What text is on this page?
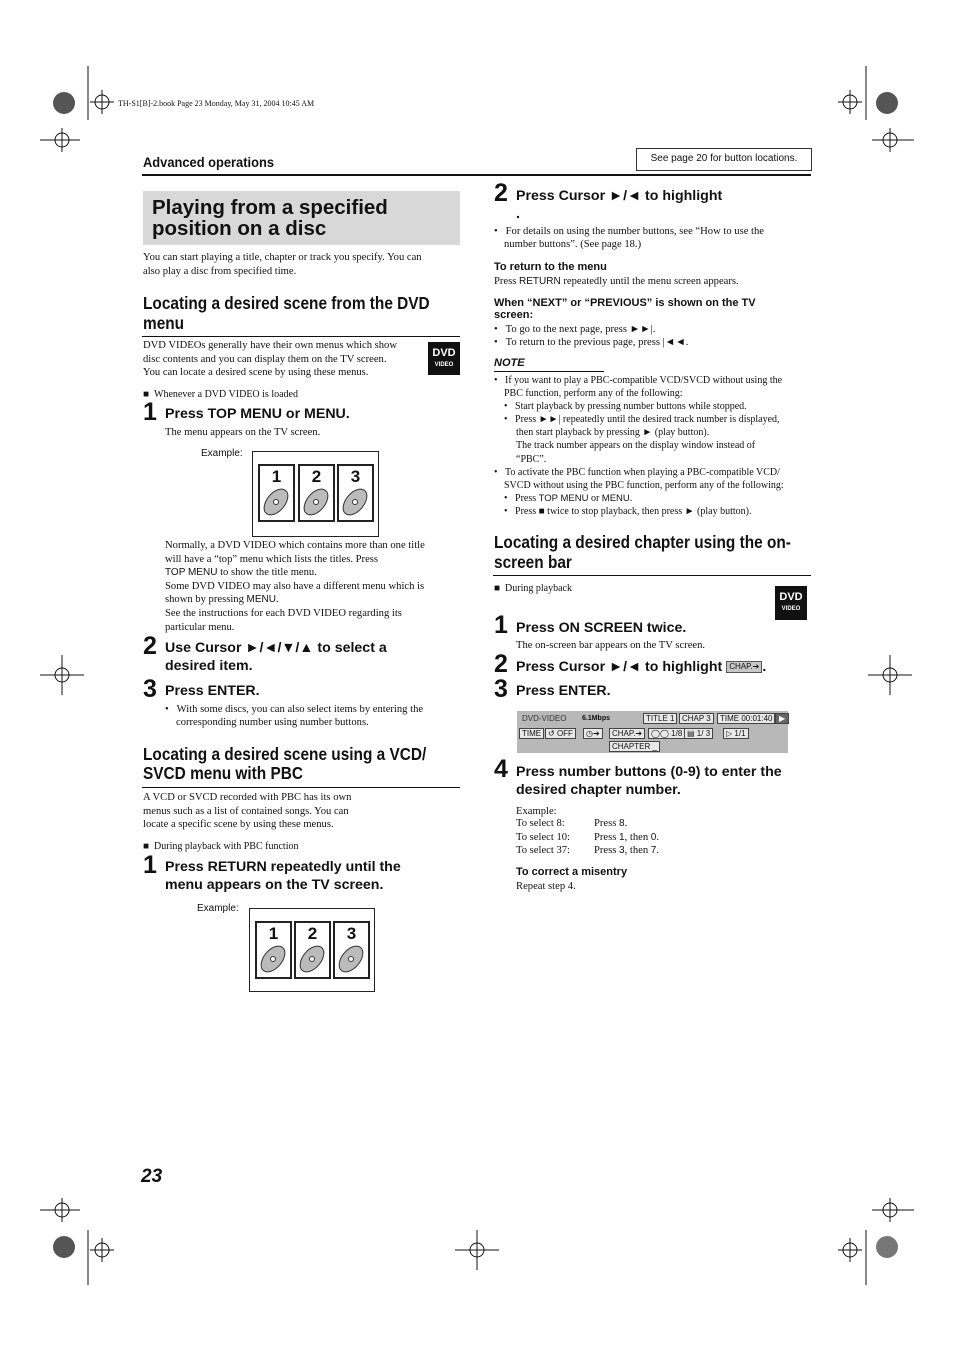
TH-S1[B]-2.book Page 23 Monday, May 31, 2004 10:45 AM
Advanced operations	See page 20 for button locations.
Playing from a specified
position on a disc
You can start playing a title, chapter or track you specify. You can
also play a disc from specified time.
Locating a desired scene from the DVD
menu
DVD VIDEOs generally have their own menus which show
disc contents and you can display them on the TV screen.
You can locate a desired scene by using these menus.
DVD
VIDEO
■ Whenever a DVD VIDEO is loaded
1 Press TOP MENU or MENU.
The menu appears on the TV screen.
Example:
1	2	3
Normally, a DVD VIDEO which contains more than one title
will have a “top” menu which lists the titles. Press
TOP MENU to show the title menu.
Some DVD VIDEO may also have a different menu which is
shown by pressing MENU.
See the instructions for each DVD VIDEO regarding its
particular menu.
2 Use Cursor ►/◄/▼/▲ to select a
desired item.
3 Press ENTER.
•   With some discs, you can also select items by entering the
corresponding number using number buttons.
Locating a desired scene using a VCD/
SVCD menu with PBC
A VCD or SVCD recorded with PBC has its own
menus such as a list of contained songs. You can
locate a specific scene by using these menus.
■ During playback with PBC function
1 Press RETURN repeatedly until the
menu appears on the TV screen.
Example:
1	2	3
2 Press Cursor ►/◄ to highlight
.
•   For details on using the number buttons, see “How to use the
number buttons”. (See page 18.)
To return to the menu
Press RETURN repeatedly until the menu screen appears.
When “NEXT” or “PREVIOUS” is shown on the TV
screen:
•   To go to the next page, press ►►|.
•   To return to the previous page, press |◄◄.
NOTE
•   If you want to play a PBC-compatible VCD/SVCD without using the
PBC function, perform any of the following:
•   Start playback by pressing number buttons while stopped.
•   Press ►►| repeatedly until the desired track number is displayed,
then start playback by pressing ► (play button).
The track number appears on the display window instead of
“PBC”.
•   To activate the PBC function when playing a PBC-compatible VCD/
SVCD without using the PBC function, perform any of the following:
•   Press TOP MENU or MENU.
•   Press ■ twice to stop playback, then press ► (play button).
Locating a desired chapter using the on-
screen bar
■ During playback
DVD
VIDEO
1 Press ON SCREEN twice.
The on-screen bar appears on the TV screen.
2 Press Cursor ►/◄ to highlight CHAP.➔ .
3 Press ENTER.
DVD-VIDEO	6.1Mbps	TITLE 1 CHAP 3	TIME 00:01:40 ▶
TIME ↺ OFF	◷➔	CHAP.➔	◯◯ 1/8 ▤ 1/ 3	▷ 1/1
CHAPTER _
4 Press number buttons (0-9) to enter the
desired chapter number.
Example:
To select 8:	Press 8.
To select 10:	Press 1, then 0.
To select 37:	Press 3, then 7.
To correct a misentry
Repeat step 4.
23
